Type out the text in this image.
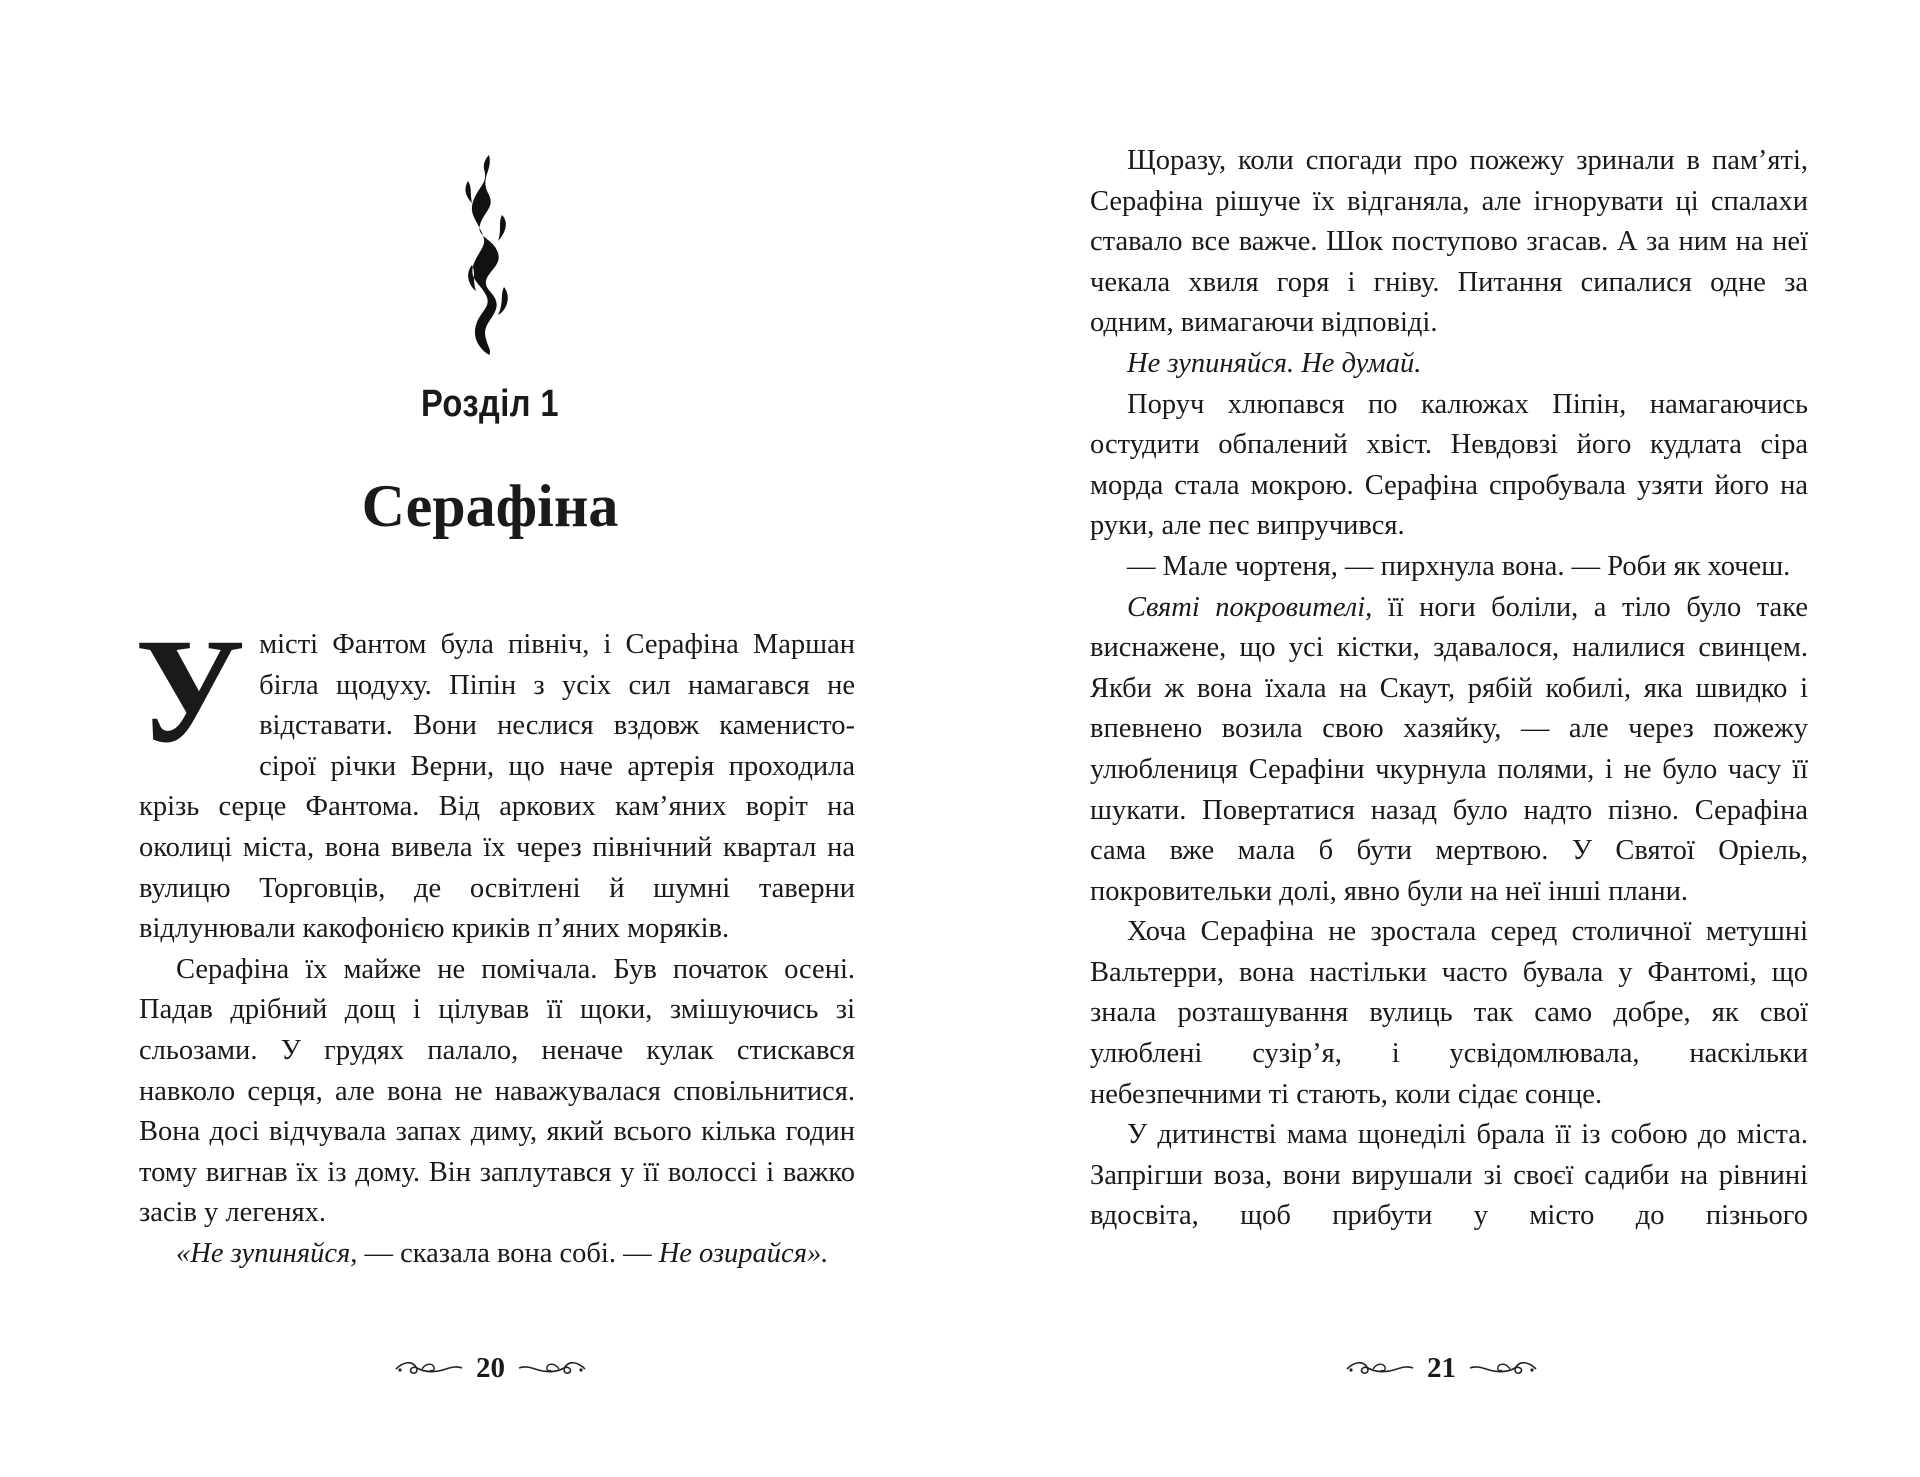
Розділ 1
Серафіна

Умісті Фантом була північ, і Серафіна Маршан бігла щодуху. Піпін з усіх сил намагався не відставати. Вони неслися вздовж каменисто-сірої річки Верни, що наче артерія проходила крізь серце Фантома. Від аркових кам’яних воріт на околиці міста, вона вивела їх через північний квартал на вулицю Торговців, де освітлені й шумні таверни відлунювали какофонією криків п’яних моряків.

Серафіна їх майже не помічала. Був початок осені. Падав дрібний дощ і цілував її щоки, змішуючись зі сльозами. У грудях палало, неначе кулак стискався навколо серця, але вона не наважувалася сповільнитися. Вона досі відчувала запах диму, який всього кілька годин тому вигнав їх із дому. Він заплутався у її волоссі і важко засів у легенях.

«Не зупиняйся, — сказала вона собі. — Не озирайся».

20

Щоразу, коли спогади про пожежу зринали в пам’яті, Серафіна рішуче їх відганяла, але ігнорувати ці спалахи ставало все важче. Шок поступово згасав. А за ним на неї чекала хвиля горя і гніву. Питання сипалися одне за одним, вимагаючи відповіді.

Не зупиняйся. Не думай.

Поруч хлюпався по калюжах Піпін, намагаючись остудити обпалений хвіст. Невдовзі його кудлата сіра морда стала мокрою. Серафіна спробувала узяти його на руки, але пес випручився.

— Мале чортеня, — пирхнула вона. — Роби як хочеш.

Святі покровителі, її ноги боліли, а тіло було таке виснажене, що усі кістки, здавалося, налилися свинцем. Якби ж вона їхала на Скаут, рябій кобилі, яка швидко і впевнено возила свою хазяйку, — але через пожежу улюблениця Серафіни чкурнула полями, і не було часу її шукати. Повертатися назад було надто пізно. Серафіна сама вже мала б бути мертвою. У Святої Оріель, покровительки долі, явно були на неї інші плани.

Хоча Серафіна не зростала серед столичної метушні Вальтерри, вона настільки часто бувала у Фантомі, що знала розташування вулиць так само добре, як свої улюблені сузір’я, і усвідомлювала, наскільки небезпечними ті стають, коли сідає сонце.

У дитинстві мама щонеділі брала її із собою до міста. Запрігши воза, вони вирушали зі своєї садиби на рівнині вдосвіта, щоб прибути у місто до пізнього

21
